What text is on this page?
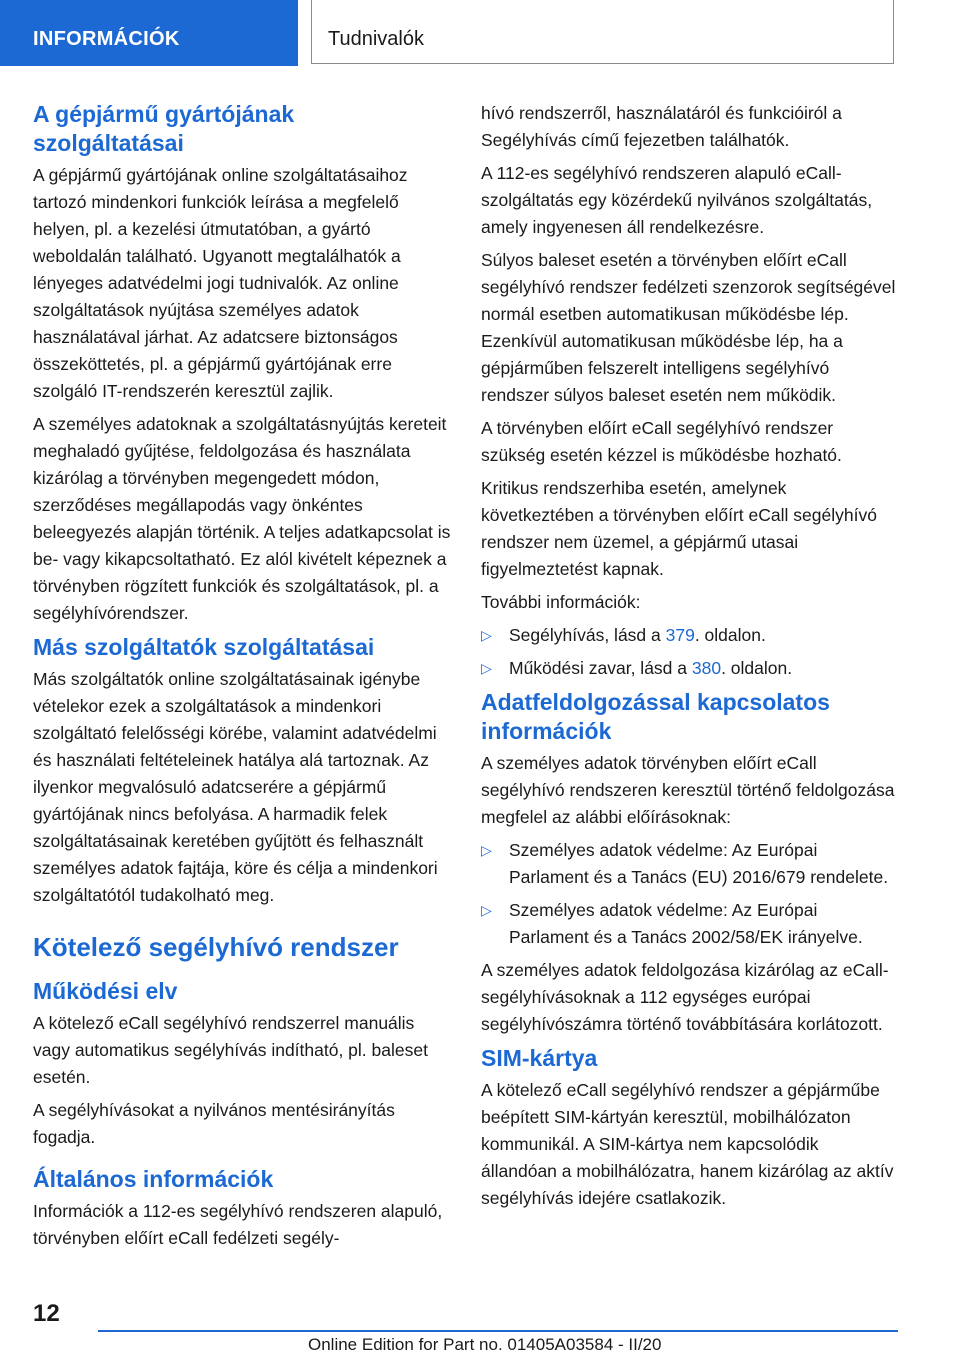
INFORMÁCIÓK	Tudnivalók
A gépjármű gyártójának szolgáltatásai

A gépjármű gyártójának online szolgáltatásaihoz tartozó mindenkori funkciók leírása a megfelelő helyen, pl. a kezelési útmutatóban, a gyártó weboldalán található. Ugyanott megtalálhatók a lényeges adatvédelmi jogi tudnivalók. Az online szolgáltatások nyújtása személyes adatok használatával járhat. Az adatcsere biztonságos összeköttetés, pl. a gépjármű gyártójának erre szolgáló IT-rendszerén keresztül zajlik.

A személyes adatoknak a szolgáltatásnyújtás kereteit meghaladó gyűjtése, feldolgozása és használata kizárólag a törvényben megengedett módon, szerződéses megállapodás vagy önkéntes beleegyezés alapján történik. A teljes adatkapcsolat is be- vagy kikapcsoltatható. Ez alól kivételt képeznek a törvényben rögzített funkciók és szolgáltatások, pl. a segélyhívórendszer.

Más szolgáltatók szolgáltatásai

Más szolgáltatók online szolgáltatásainak igénybe vételekor ezek a szolgáltatások a mindenkori szolgáltató felelősségi körébe, valamint adatvédelmi és használati feltételeinek hatálya alá tartoznak. Az ilyenkor megvalósuló adatcserére a gépjármű gyártójának nincs befolyása. A harmadik felek szolgáltatásainak keretében gyűjtött és felhasznált személyes adatok fajtája, köre és célja a mindenkori szolgáltatótól tudakolható meg.

Kötelező segélyhívó rendszer
Működési elv

A kötelező eCall segélyhívó rendszerrel manuális vagy automatikus segélyhívás indítható, pl. baleset esetén.

A segélyhívásokat a nyilvános mentésirányítás fogadja.

Általános információk

Információk a 112-es segélyhívó rendszeren alapuló, törvényben előírt eCall fedélzeti segély-

hívó rendszerről, használatáról és funkcióiról a Segélyhívás című fejezetben találhatók.

A 112-es segélyhívó rendszeren alapuló eCall-szolgáltatás egy közérdekű nyilvános szolgáltatás, amely ingyenesen áll rendelkezésre.

Súlyos baleset esetén a törvényben előírt eCall segélyhívó rendszer fedélzeti szenzorok segítségével normál esetben automatikusan működésbe lép. Ezenkívül automatikusan működésbe lép, ha a gépjárműben felszerelt intelligens segélyhívó rendszer súlyos baleset esetén nem működik.

A törvényben előírt eCall segélyhívó rendszer szükség esetén kézzel is működésbe hozható.

Kritikus rendszerhiba esetén, amelynek következtében a törvényben előírt eCall segélyhívó rendszer nem üzemel, a gépjármű utasai figyelmeztetést kapnak.

További információk:

▷ Segélyhívás, lásd a 379. oldalon.
▷ Működési zavar, lásd a 380. oldalon.
Adatfeldolgozással kapcsolatos információk

A személyes adatok törvényben előírt eCall segélyhívó rendszeren keresztül történő feldolgozása megfelel az alábbi előírásoknak:

▷ Személyes adatok védelme: Az Európai Parlament és a Tanács (EU) 2016/679 rendelete.
▷ Személyes adatok védelme: Az Európai Parlament és a Tanács 2002/58/EK irányelve.

A személyes adatok feldolgozása kizárólag az eCall-segélyhívásoknak a 112 egységes európai segélyhívószámra történő továbbítására korlátozott.

SIM-kártya

A kötelező eCall segélyhívó rendszer a gépjárműbe beépített SIM-kártyán keresztül, mobilhálózaton kommunikál. A SIM-kártya nem kapcsolódik állandóan a mobilhálózatra, hanem kizárólag az aktív segélyhívás idejére csatlakozik.

12
Online Edition for Part no. 01405A03584 - II/20
